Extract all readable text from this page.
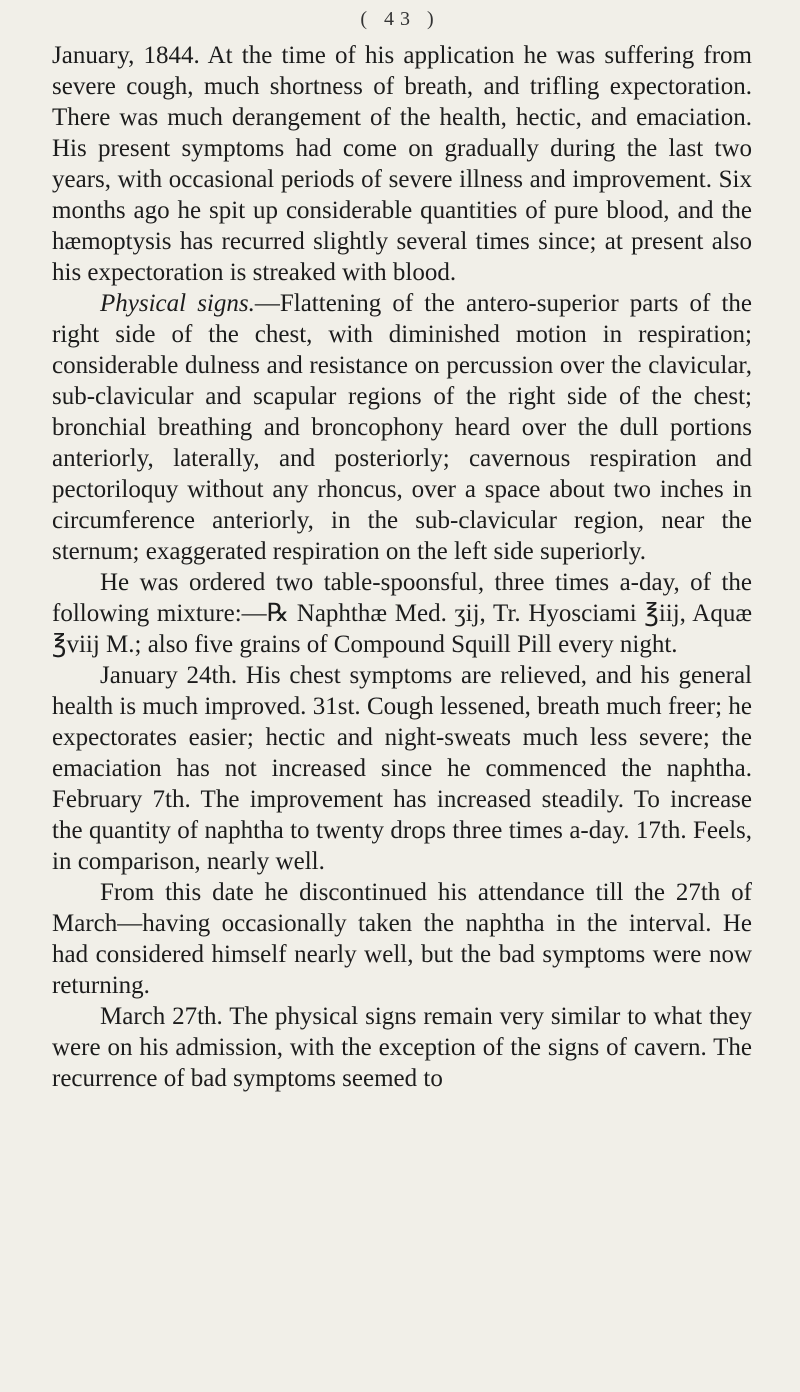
( 43 )

January, 1844. At the time of his application he was suffering from severe cough, much shortness of breath, and trifling expectoration. There was much derangement of the health, hectic, and emaciation. His present symptoms had come on gradually during the last two years, with occasional periods of severe illness and improvement. Six months ago he spit up considerable quantities of pure blood, and the hæmoptysis has recurred slightly several times since; at present also his expectoration is streaked with blood.

Physical signs.—Flattening of the antero-superior parts of the right side of the chest, with diminished motion in respiration; considerable dulness and resistance on percussion over the clavicular, sub-clavicular and scapular regions of the right side of the chest; bronchial breathing and broncophony heard over the dull portions anteriorly, laterally, and posteriorly; cavernous respiration and pectoriloquy without any rhoncus, over a space about two inches in circumference anteriorly, in the sub-clavicular region, near the sternum; exaggerated respiration on the left side superiorly.

He was ordered two table-spoonsful, three times a-day, of the following mixture:—℞ Naphthæ Med. ʒij, Tr. Hyosciami ℥iij, Aquæ ℥viij M.; also five grains of Compound Squill Pill every night.

January 24th. His chest symptoms are relieved, and his general health is much improved. 31st. Cough lessened, breath much freer; he expectorates easier; hectic and night-sweats much less severe; the emaciation has not increased since he commenced the naphtha. February 7th. The improvement has increased steadily. To increase the quantity of naphtha to twenty drops three times a-day. 17th. Feels, in comparison, nearly well.

From this date he discontinued his attendance till the 27th of March—having occasionally taken the naphtha in the interval. He had considered himself nearly well, but the bad symptoms were now returning.

March 27th. The physical signs remain very similar to what they were on his admission, with the exception of the signs of cavern. The recurrence of bad symptoms seemed to
